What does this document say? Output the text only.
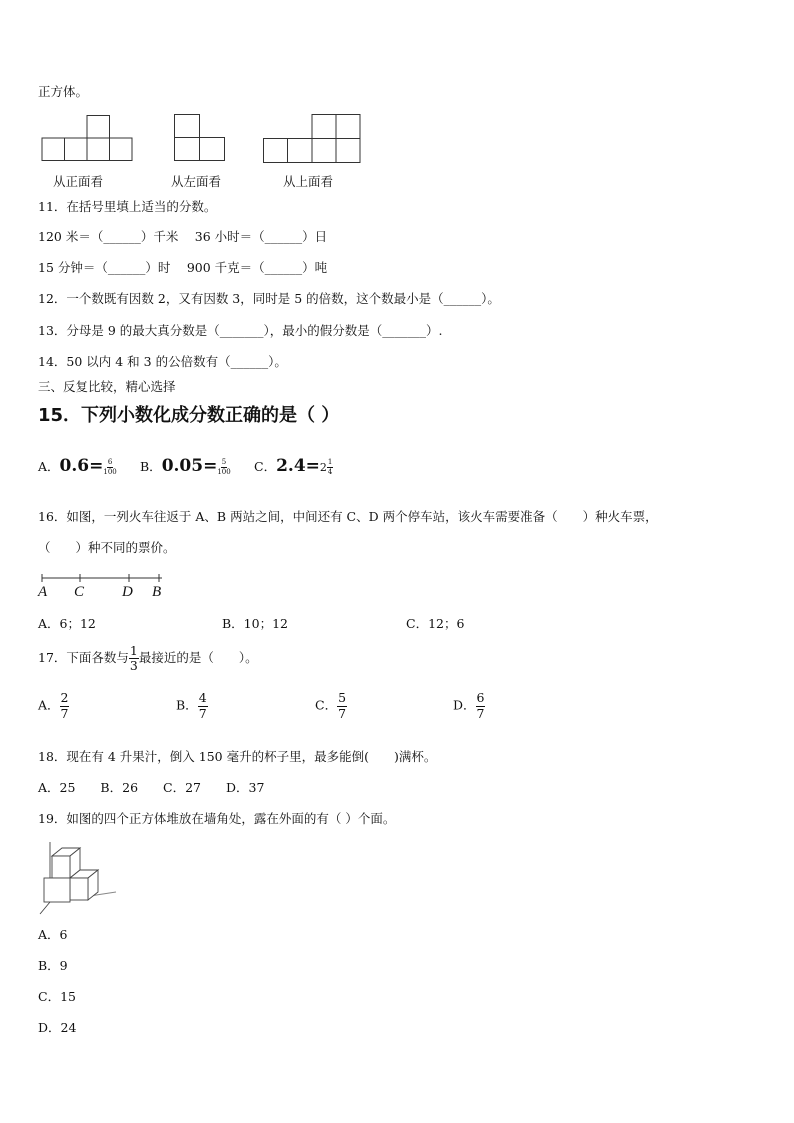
正方体。
从正面看	从左面看	从上面看
11．在括号里填上适当的分数。
120 米＝（______）千米　 36 小时＝（______）日
15 分钟＝（______）时　 900 千克＝（______）吨
12．一个数既有因数 2，又有因数 3，同时是 5 的倍数，这个数最小是（______）。
13．分母是 9 的最大真分数是（_______），最小的假分数是（_______）.
14．50 以内 4 和 3 的公倍数有（______）。
三、反复比较，精心选择
15．下列小数化成分数正确的是（ ）
A．$0.6= \frac{6}{100}$ B．$0.05= \frac{5}{100}$ C．$2.4=2 \frac{1}{4}$
16．如图，一列火车往返于 A、B 两站之间，中间还有 C、D 两个停车站，该火车需要准备（　　）种火车票，
（　　）种不同的票价。
A C	D B
A．6；12	B．10；12	C．12；6
17．下面各数与 $\frac{1}{3}$ 最接近的是（　　）。
A． $\frac{2}{7}$	B． $\frac{4}{7}$	C． $\frac{5}{7}$	D． $\frac{6}{7}$
18．现在有 4 升果汁，倒入 150 毫升的杯子里，最多能倒(　　)满杯。
A．25　　B．26　　C．27　　D．37
19．如图的四个正方体堆放在墙角处，露在外面的有（ ）个面。
A．6
B．9
C．15
D．24
